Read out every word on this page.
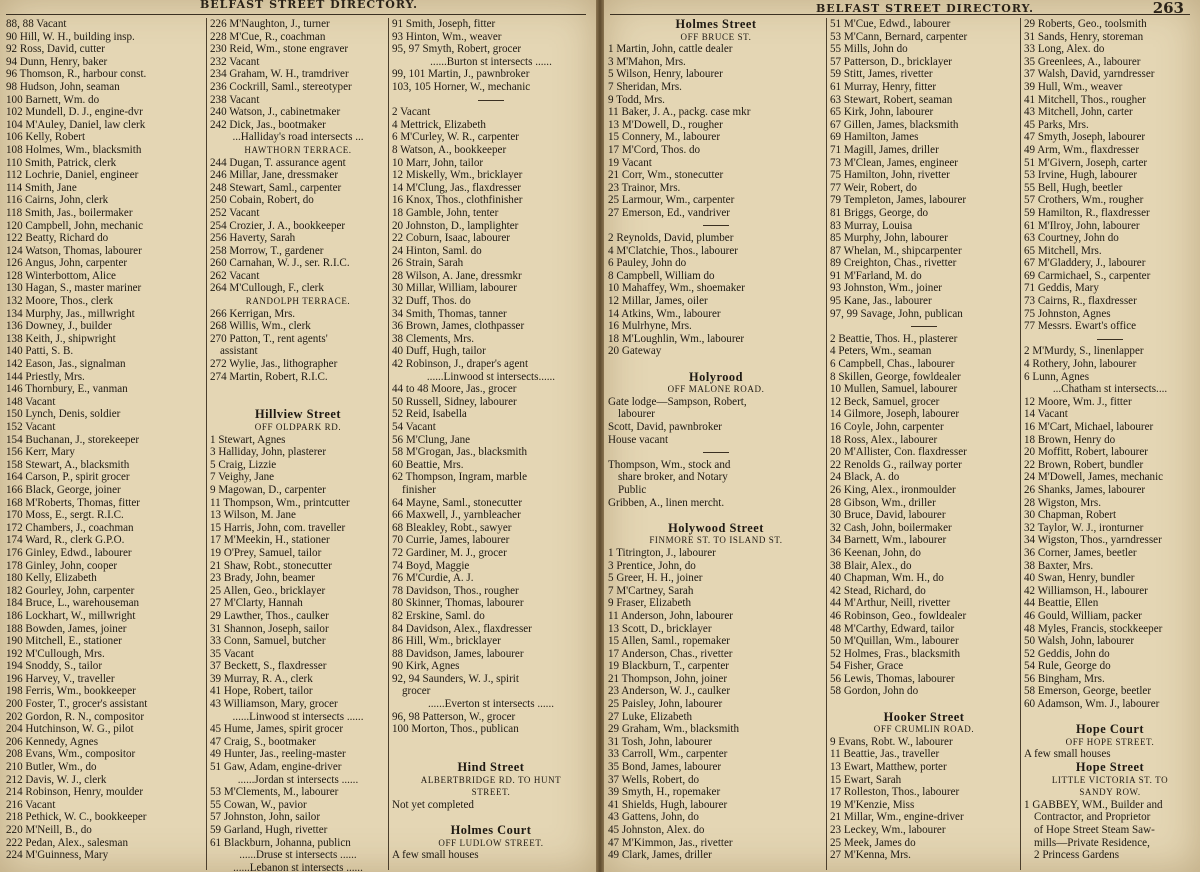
BELFAST STREET DIRECTORY.
88, 88 Vacant
90 Hill, W. H., building insp.
92 Ross, David, cutter
94 Dunn, Henry, baker
96 Thomson, R., harbour const.
98 Hudson, John, seaman
100 Barnett, Wm. do
102 Mundell, D. J., engine-dvr
104 M'Auley, Daniel, law clerk
106 Kelly, Robert
108 Holmes, Wm., blacksmith
110 Smith, Patrick, clerk
112 Lochrie, Daniel, engineer
114 Smith, Jane
116 Cairns, John, clerk
118 Smith, Jas., boilermaker
120 Campbell, John, mechanic
122 Beatty, Richard do
124 Watson, Thomas, labourer
126 Angus, John, carpenter
128 Winterbottom, Alice
130 Hagan, S., master mariner
132 Moore, Thos., clerk
134 Murphy, Jas., millwright
136 Downey, J., builder
138 Keith, J., shipwright
140 Patti, S. B.
142 Eason, Jas., signalman
144 Priestly, Mrs.
146 Thornbury, E., vanman
148 Vacant
150 Lynch, Denis, soldier
152 Vacant
154 Buchanan, J., storekeeper
156 Kerr, Mary
158 Stewart, A., blacksmith
164 Carson, P., spirit grocer
166 Black, George, joiner
168 M'Roberts, Thomas, fitter
170 Moss, E., sergt. R.I.C.
172 Chambers, J., coachman
174 Ward, R., clerk G.P.O.
176 Ginley, Edwd., labourer
178 Ginley, John, cooper
180 Kelly, Elizabeth
182 Gourley, John, carpenter
184 Bruce, L., warehouseman
186 Lockhart, W., millwright
188 Bowden, James, joiner
190 Mitchell, E., stationer
192 M'Cullough, Mrs.
194 Snoddy, S., tailor
196 Harvey, V., traveller
198 Ferris, Wm., bookkeeper
200 Foster, T., grocer's assistant
202 Gordon, R. N., compositor
204 Hutchinson, W. G., pilot
206 Kennedy, Agnes
208 Evans, Wm., compositor
210 Butler, Wm., do
212 Davis, W. J., clerk
214 Robinson, Henry, moulder
216 Vacant
218 Pethick, W. C., bookkeeper
220 M'Neill, B., do
222 Pedan, Alex., salesman
224 M'Guinness, Mary
226 M'Naughton, J., turner
228 M'Cue, R., coachman
230 Reid, Wm., stone engraver
232 Vacant
234 Graham, W. H., tramdriver
236 Cockrill, Saml., stereotyper
238 Vacant
240 Watson, J., cabinetmaker
242 Dick, Jas., bootmaker
...Halliday's road intersects ...
HAWTHORN TERRACE.
244 Dugan, T. assurance agent
246 Millar, Jane, dressmaker
248 Stewart, Saml., carpenter
250 Cobain, Robert, do
252 Vacant
254 Crozier, J. A., bookkeeper
256 Haverty, Sarah
258 Morrow, T., gardener
260 Carnahan, W. J., ser. R.I.C.
262 Vacant
264 M'Cullough, F., clerk
RANDOLPH TERRACE.
266 Kerrigan, Mrs.
268 Willis, Wm., clerk
270 Patton, T., rent agents'
assistant
272 Wylie, Jas., lithographer
274 Martin, Robert, R.I.C.
Hillview Street
OFF OLDPARK RD.
1 Stewart, Agnes
3 Halliday, John, plasterer
5 Craig, Lizzie
7 Veighy, Jane
9 Magowan, D., carpenter
11 Thompson, Wm., printcutter
13 Wilson, M. Jane
15 Harris, John, com. traveller
17 M'Meekin, H., stationer
19 O'Prey, Samuel, tailor
21 Shaw, Robt., stonecutter
23 Brady, John, beamer
25 Allen, Geo., bricklayer
27 M'Clarty, Hannah
29 Lawther, Thos., caulker
31 Shannon, Joseph, sailor
33 Conn, Samuel, butcher
35 Vacant
37 Beckett, S., flaxdresser
39 Murray, R. A., clerk
41 Hope, Robert, tailor
43 Williamson, Mary, grocer
......Linwood st intersects ......
45 Hume, James, spirit grocer
47 Craig, S., bootmaker
49 Hunter, Jas., reeling-master
51 Gaw, Adam, engine-driver
......Jordan st intersects ......
53 M'Clements, M., labourer
55 Cowan, W., pavior
57 Johnston, John, sailor
59 Garland, Hugh, rivetter
61 Blackburn, Johanna, publicn
......Druse st intersects ......
......Lebanon st intersects ......
91 Smith, Joseph, fitter
93 Hinton, Wm., weaver
95, 97 Smyth, Robert, grocer
......Burton st intersects ......
99, 101 Martin, J., pawnbroker
103, 105 Horner, W., mechanic
2 Vacant
4 Mettrick, Elizabeth
6 M'Curley, W. R., carpenter
8 Watson, A., bookkeeper
10 Marr, John, tailor
12 Miskelly, Wm., bricklayer
14 M'Clung, Jas., flaxdresser
16 Knox, Thos., clothfinisher
18 Gamble, John, tenter
20 Johnston, D., lamplighter
22 Coburn, Isaac, labourer
24 Hinton, Saml. do
26 Strain, Sarah
28 Wilson, A. Jane, dressmkr
30 Millar, William, labourer
32 Duff, Thos. do
34 Smith, Thomas, tanner
36 Brown, James, clothpasser
38 Clements, Mrs.
40 Duff, Hugh, tailor
42 Robinson, J., draper's agent
......Linwood st intersects......
44 to 48 Moore, Jas., grocer
50 Russell, Sidney, labourer
52 Reid, Isabella
54 Vacant
56 M'Clung, Jane
58 M'Grogan, Jas., blacksmith
60 Beattie, Mrs.
62 Thompson, Ingram, marble
finisher
64 Mayne, Saml., stonecutter
66 Maxwell, J., yarnbleacher
68 Bleakley, Robt., sawyer
70 Currie, James, labourer
72 Gardiner, M. J., grocer
74 Boyd, Maggie
76 M'Curdie, A. J.
78 Davidson, Thos., rougher
80 Skinner, Thomas, labourer
82 Erskine, Saml. do
84 Davidson, Alex., flaxdresser
86 Hill, Wm., bricklayer
88 Davidson, James, labourer
90 Kirk, Agnes
92, 94 Saunders, W. J., spirit
grocer
......Everton st intersects ......
96, 98 Patterson, W., grocer
100 Morton, Thos., publican
Hind Street
ALBERTBRIDGE RD. TO HUNT
STREET.
Not yet completed
Holmes Court
OFF LUDLOW STREET.
A few small houses
BELFAST STREET DIRECTORY.	263
Holmes Street
OFF BRUCE ST.
1 Martin, John, cattle dealer
3 M'Mahon, Mrs.
5 Wilson, Henry, labourer
7 Sheridan, Mrs.
9 Todd, Mrs.
11 Baker, J. A., packg. case mkr
13 M'Dowell, D., rougher
15 Connery, M., labourer
17 M'Cord, Thos. do
19 Vacant
21 Corr, Wm., stonecutter
23 Trainor, Mrs.
25 Larmour, Wm., carpenter
27 Emerson, Ed., vandriver
2 Reynolds, David, plumber
4 M'Clatchie, Thos., labourer
6 Pauley, John do
8 Campbell, William do
10 Mahaffey, Wm., shoemaker
12 Millar, James, oiler
14 Atkins, Wm., labourer
16 Mulrhyne, Mrs.
18 M'Loughlin, Wm., labourer
20 Gateway
Holyrood
OFF MALONE ROAD.
Gate lodge—Sampson, Robert,
labourer
Scott, David, pawnbroker
House vacant
Thompson, Wm., stock and
share broker, and Notary
Public
Gribben, A., linen mercht.
Holywood Street
FINMORE ST. TO ISLAND ST.
1 Titrington, J., labourer
3 Prentice, John, do
5 Greer, H. H., joiner
7 M'Cartney, Sarah
9 Fraser, Elizabeth
11 Anderson, John, labourer
13 Scott, D., bricklayer
15 Allen, Saml., ropemaker
17 Anderson, Chas., rivetter
19 Blackburn, T., carpenter
21 Thompson, John, joiner
23 Anderson, W. J., caulker
25 Paisley, John, labourer
27 Luke, Elizabeth
29 Graham, Wm., blacksmith
31 Tosh, John, labourer
33 Carroll, Wm., carpenter
35 Bond, James, labourer
37 Wells, Robert, do
39 Smyth, H., ropemaker
41 Shields, Hugh, labourer
43 Gattens, John, do
45 Johnston, Alex. do
47 M'Kimmon, Jas., rivetter
49 Clark, James, driller
51 M'Cue, Edwd., labourer
53 M'Cann, Bernard, carpenter
55 Mills, John do
57 Patterson, D., bricklayer
59 Stitt, James, rivetter
61 Murray, Henry, fitter
63 Stewart, Robert, seaman
65 Kirk, John, labourer
67 Gillen, James, blacksmith
69 Hamilton, James
71 Magill, James, driller
73 M'Clean, James, engineer
75 Hamilton, John, rivetter
77 Weir, Robert, do
79 Templeton, James, labourer
81 Briggs, George, do
83 Murray, Louisa
85 Murphy, John, labourer
87 Whelan, M., shipcarpenter
89 Creighton, Chas., rivetter
91 M'Farland, M. do
93 Johnston, Wm., joiner
95 Kane, Jas., labourer
97, 99 Savage, John, publican
2 Beattie, Thos. H., plasterer
4 Peters, Wm., seaman
6 Campbell, Chas., labourer
8 Skillen, George, fowldealer
10 Mullen, Samuel, labourer
12 Beck, Samuel, grocer
14 Gilmore, Joseph, labourer
16 Coyle, John, carpenter
18 Ross, Alex., labourer
20 M'Allister, Con. flaxdresser
22 Renolds G., railway porter
24 Black, A. do
26 King, Alex., ironmoulder
28 Gibson, Wm., driller
30 Bruce, David, labourer
32 Cash, John, boilermaker
34 Barnett, Wm., labourer
36 Keenan, John, do
38 Blair, Alex., do
40 Chapman, Wm. H., do
42 Stead, Richard, do
44 M'Arthur, Neill, rivetter
46 Robinson, Geo., fowldealer
48 M'Carthy, Edward, tailor
50 M'Quillan, Wm., labourer
52 Holmes, Fras., blacksmith
54 Fisher, Grace
56 Lewis, Thomas, labourer
58 Gordon, John do
Hooker Street
OFF CRUMLIN ROAD.
9 Evans, Robt. W., labourer
11 Beattie, Jas., traveller
13 Ewart, Matthew, porter
15 Ewart, Sarah
17 Rolleston, Thos., labourer
19 M'Kenzie, Miss
21 Millar, Wm., engine-driver
23 Leckey, Wm., labourer
25 Meek, James do
27 M'Kenna, Mrs.
29 Roberts, Geo., toolsmith
31 Sands, Henry, storeman
33 Long, Alex. do
35 Greenlees, A., labourer
37 Walsh, David, yarndresser
39 Hull, Wm., weaver
41 Mitchell, Thos., rougher
43 Mitchell, John, carter
45 Parks, Mrs.
47 Smyth, Joseph, labourer
49 Arm, Wm., flaxdresser
51 M'Givern, Joseph, carter
53 Irvine, Hugh, labourer
55 Bell, Hugh, beetler
57 Crothers, Wm., rougher
59 Hamilton, R., flaxdresser
61 M'Ilroy, John, labourer
63 Courtney, John do
65 Mitchell, Mrs.
67 M'Gladdery, J., labourer
69 Carmichael, S., carpenter
71 Geddis, Mary
73 Cairns, R., flaxdresser
75 Johnston, Agnes
77 Messrs. Ewart's office
2 M'Murdy, S., linenlapper
4 Rothery, John, labourer
6 Lunn, Agnes
...Chatham st intersects....
12 Moore, Wm. J., fitter
14 Vacant
16 M'Cart, Michael, labourer
18 Brown, Henry do
20 Moffitt, Robert, labourer
22 Brown, Robert, bundler
24 M'Dowell, James, mechanic
26 Shanks, James, labourer
28 Wigston, Mrs.
30 Chapman, Robert
32 Taylor, W. J., ironturner
34 Wigston, Thos., yarndresser
36 Corner, James, beetler
38 Baxter, Mrs.
40 Swan, Henry, bundler
42 Williamson, H., labourer
44 Beattie, Ellen
46 Gould, William, packer
48 Myles, Francis, stockkeeper
50 Walsh, John, labourer
52 Geddis, John do
54 Rule, George do
56 Bingham, Mrs.
58 Emerson, George, beetler
60 Adamson, Wm. J., labourer
Hope Court
OFF HOPE STREET.
A few small houses
Hope Street
LITTLE VICTORIA ST. TO
SANDY ROW.
1 GABBEY, WM., Builder and
Contractor, and Proprietor
of Hope Street Steam Saw-
mills—Private Residence,
2 Princess Gardens
